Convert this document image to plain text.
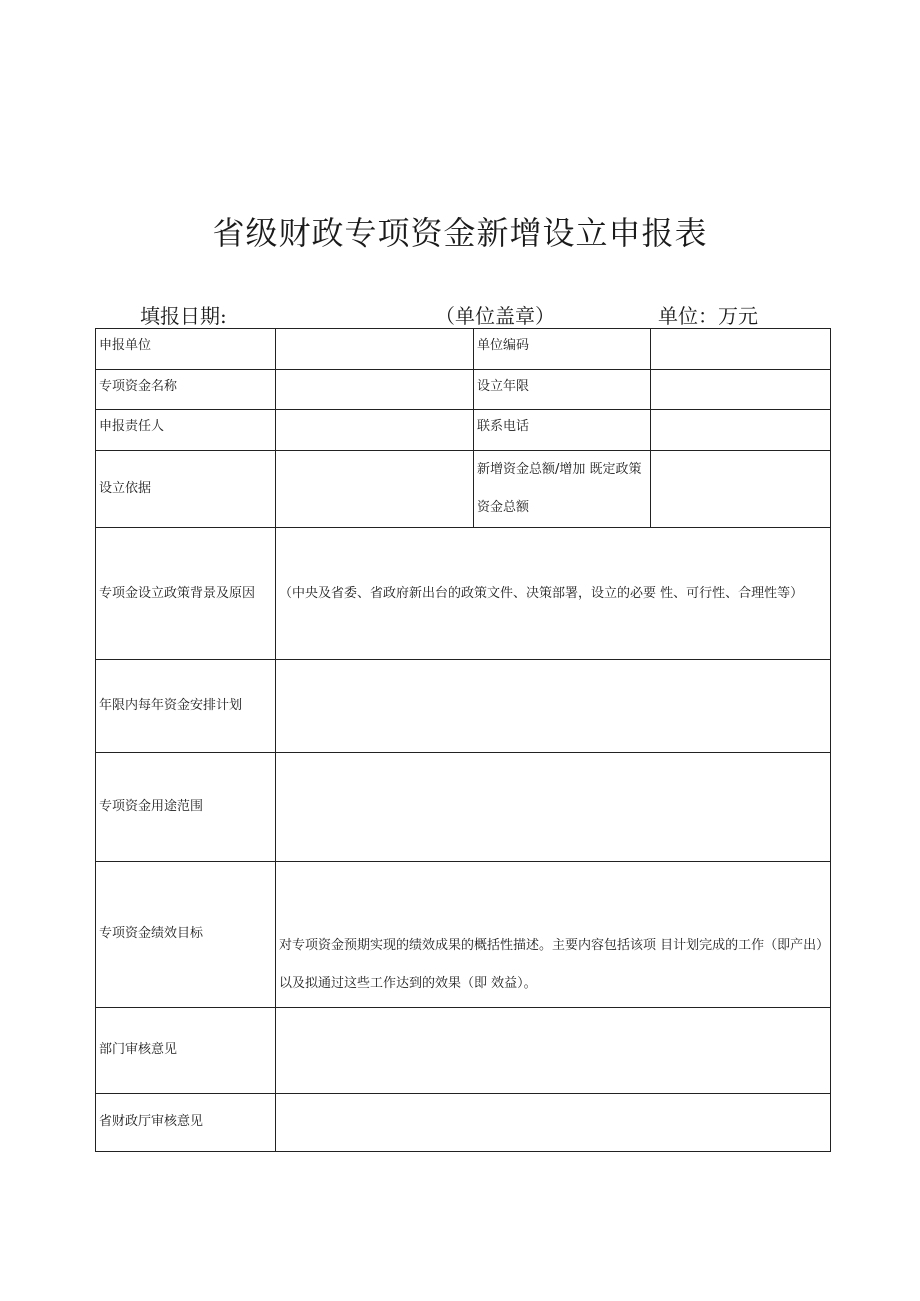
省级财政专项资金新增设立申报表
填报日期:	（单位盖章）	单位：万元
申报单位		单位编码	
专项资金名称		设立年限	
申报责任人		联系电话	
设立依据		新增资金总额/增加 既定政策资金总额	
专项金设立政策背景及原因	（中央及省委、省政府新出台的政策文件、决策部署，设立的必要 性、可行性、合理性等）		

年限内每年资金安排计划			
专项资金用途范围			
专项资金绩效目标	对专项资金预期实现的绩效成果的概括性描述。主要内容包括该项 目计划完成的工作（即产出）以及拟通过这些工作达到的效果（即 效益）。		

部门审核意见			
省财政厅审核意见			
